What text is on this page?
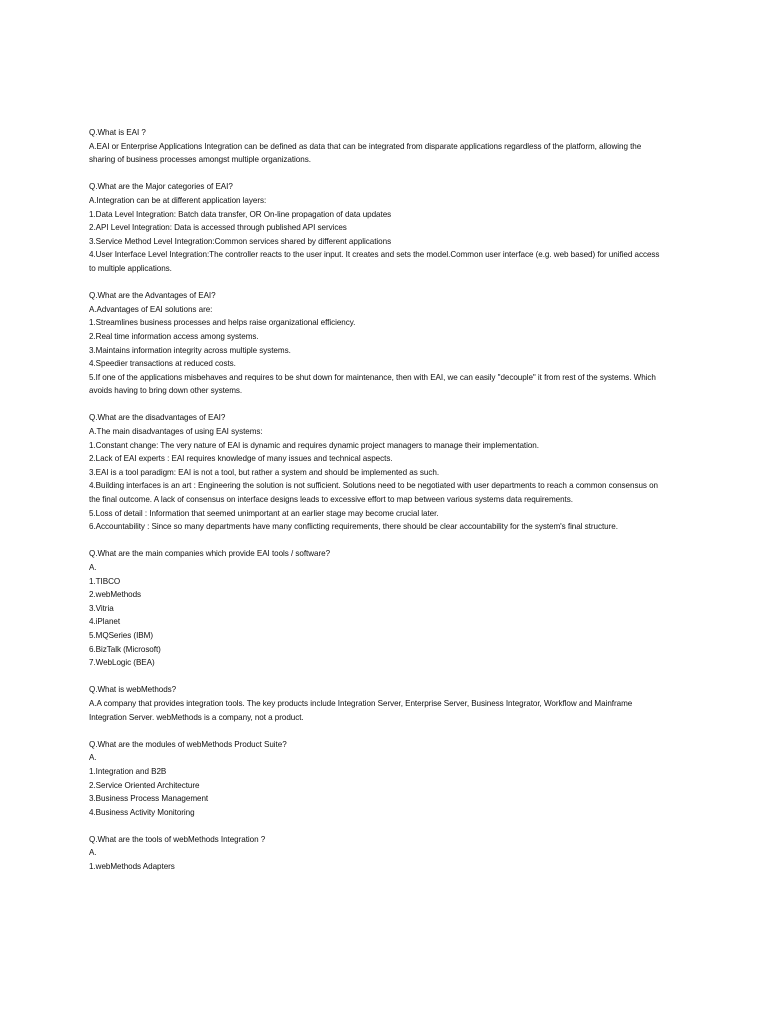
Q.What is EAI ?
A.EAI or Enterprise Applications Integration can be defined as data that can be integrated from disparate applications regardless of the platform, allowing the
sharing of business processes amongst multiple organizations.
Q.What are the Major categories of EAI?
A.Integration can be at different application layers:
1.Data Level Integration: Batch data transfer, OR On-line propagation of data updates
2.API Level Integration: Data is accessed through published API services
3.Service Method Level Integration:Common services shared by different applications
4.User Interface Level Integration:The controller reacts to the user input. It creates and sets the model.Common user interface (e.g. web based) for unified access
to multiple applications.
Q.What are the Advantages of EAI?
A.Advantages of EAI solutions are:
1.Streamlines business processes and helps raise organizational efficiency.
2.Real time information access among systems.
3.Maintains information integrity across multiple systems.
4.Speedier transactions at reduced costs.
5.If one of the applications misbehaves and requires to be shut down for maintenance, then with EAI, we can easily "decouple" it from rest of the systems. Which
avoids having to bring down other systems.
Q.What are the disadvantages of EAI?
A.The main disadvantages of using EAI systems:
1.Constant change: The very nature of EAI is dynamic and requires dynamic project managers to manage their implementation.
2.Lack of EAI experts : EAI requires knowledge of many issues and technical aspects.
3.EAI is a tool paradigm: EAI is not a tool, but rather a system and should be implemented as such.
4.Building interfaces is an art : Engineering the solution is not sufficient. Solutions need to be negotiated with user departments to reach a common consensus on
the final outcome. A lack of consensus on interface designs leads to excessive effort to map between various systems data requirements.
5.Loss of detail : Information that seemed unimportant at an earlier stage may become crucial later.
6.Accountability : Since so many departments have many conflicting requirements, there should be clear accountability for the system's final structure.
Q.What are the main companies which provide EAI tools / software?
A.
1.TIBCO
2.webMethods
3.Vitria
4.iPlanet
5.MQSeries (IBM)
6.BizTalk (Microsoft)
7.WebLogic (BEA)
Q.What is webMethods?
A.A company that provides integration tools. The key products include Integration Server, Enterprise Server, Business Integrator, Workflow and Mainframe
Integration Server. webMethods is a company, not a product.
Q.What are the modules of webMethods Product Suite?
A.
1.Integration and B2B
2.Service Oriented Architecture
3.Business Process Management
4.Business Activity Monitoring
Q.What are the tools of webMethods Integration ?
A.
1.webMethods Adapters
